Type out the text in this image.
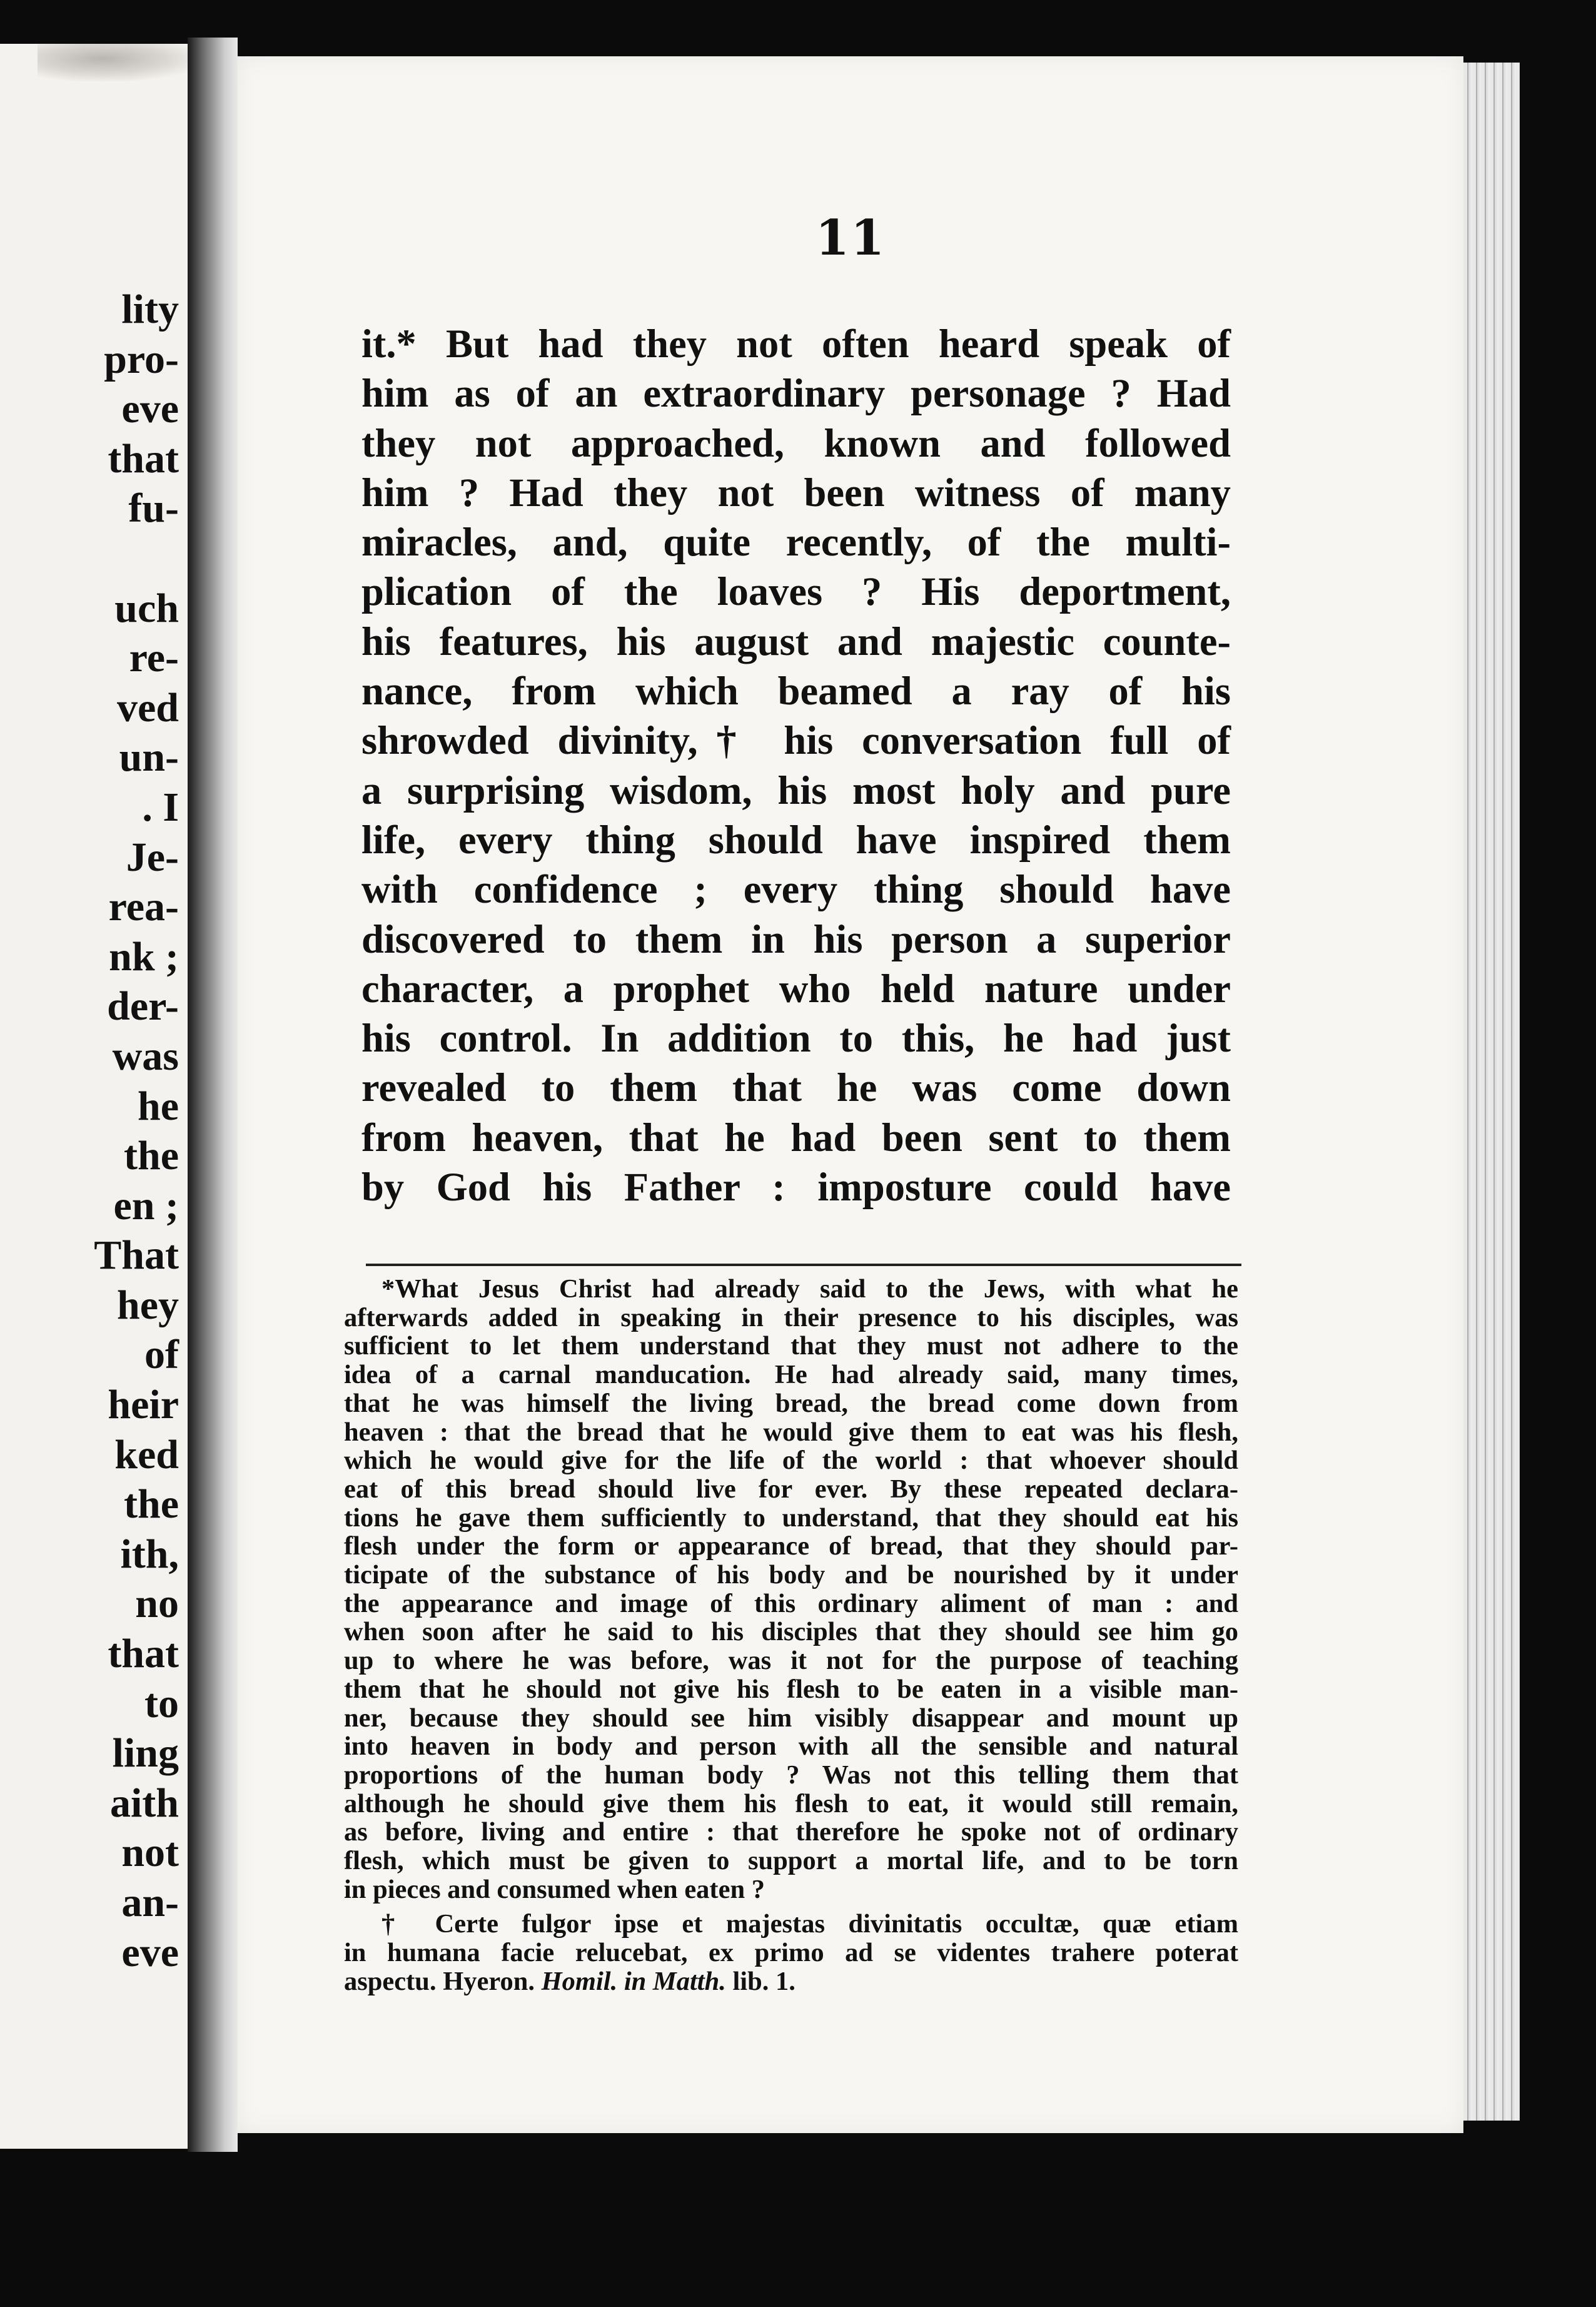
lity
pro-
eve
that
fu-

uch
re-
ved
un-
. I
Je-
rea-
nk ;
der-
was
he
the
en ;
That
hey
of
heir
ked
the
ith,
no
that
to
ling
aith
not
an-
eve
11
it.* But had they not often heard speak of
him as of an extraordinary personage ? Had
they not approached, known and followed
him ? Had they not been witness of many
miracles, and, quite recently, of the multi-
plication of the loaves ? His deportment,
his features, his august and majestic counte-
nance, from which beamed a ray of his
shrowded divinity,† his conversation full of
a surprising wisdom, his most holy and pure
life, every thing should have inspired them
with confidence ; every thing should have
discovered to them in his person a superior
character, a prophet who held nature under
his control. In addition to this, he had just
revealed to them that he was come down
from heaven, that he had been sent to them
by God his Father : imposture could have
*What Jesus Christ had already said to the Jews, with what he
afterwards added in speaking in their presence to his disciples, was
sufficient to let them understand that they must not adhere to the
idea of a carnal manducation. He had already said, many times,
that he was himself the living bread, the bread come down from
heaven : that the bread that he would give them to eat was his flesh,
which he would give for the life of the world : that whoever should
eat of this bread should live for ever. By these repeated declara-
tions he gave them sufficiently to understand, that they should eat his
flesh under the form or appearance of bread, that they should par-
ticipate of the substance of his body and be nourished by it under
the appearance and image of this ordinary aliment of man : and
when soon after he said to his disciples that they should see him go
up to where he was before, was it not for the purpose of teaching
them that he should not give his flesh to be eaten in a visible man-
ner, because they should see him visibly disappear and mount up
into heaven in body and person with all the sensible and natural
proportions of the human body ? Was not this telling them that
although he should give them his flesh to eat, it would still remain,
as before, living and entire : that therefore he spoke not of ordinary
flesh, which must be given to support a mortal life, and to be torn
in pieces and consumed when eaten ?
† Certe fulgor ipse et majestas divinitatis occultæ, quæ etiam
in humana facie relucebat, ex primo ad se videntes trahere poterat
aspectu. Hyeron. Homil. in Matth. lib. 1.
